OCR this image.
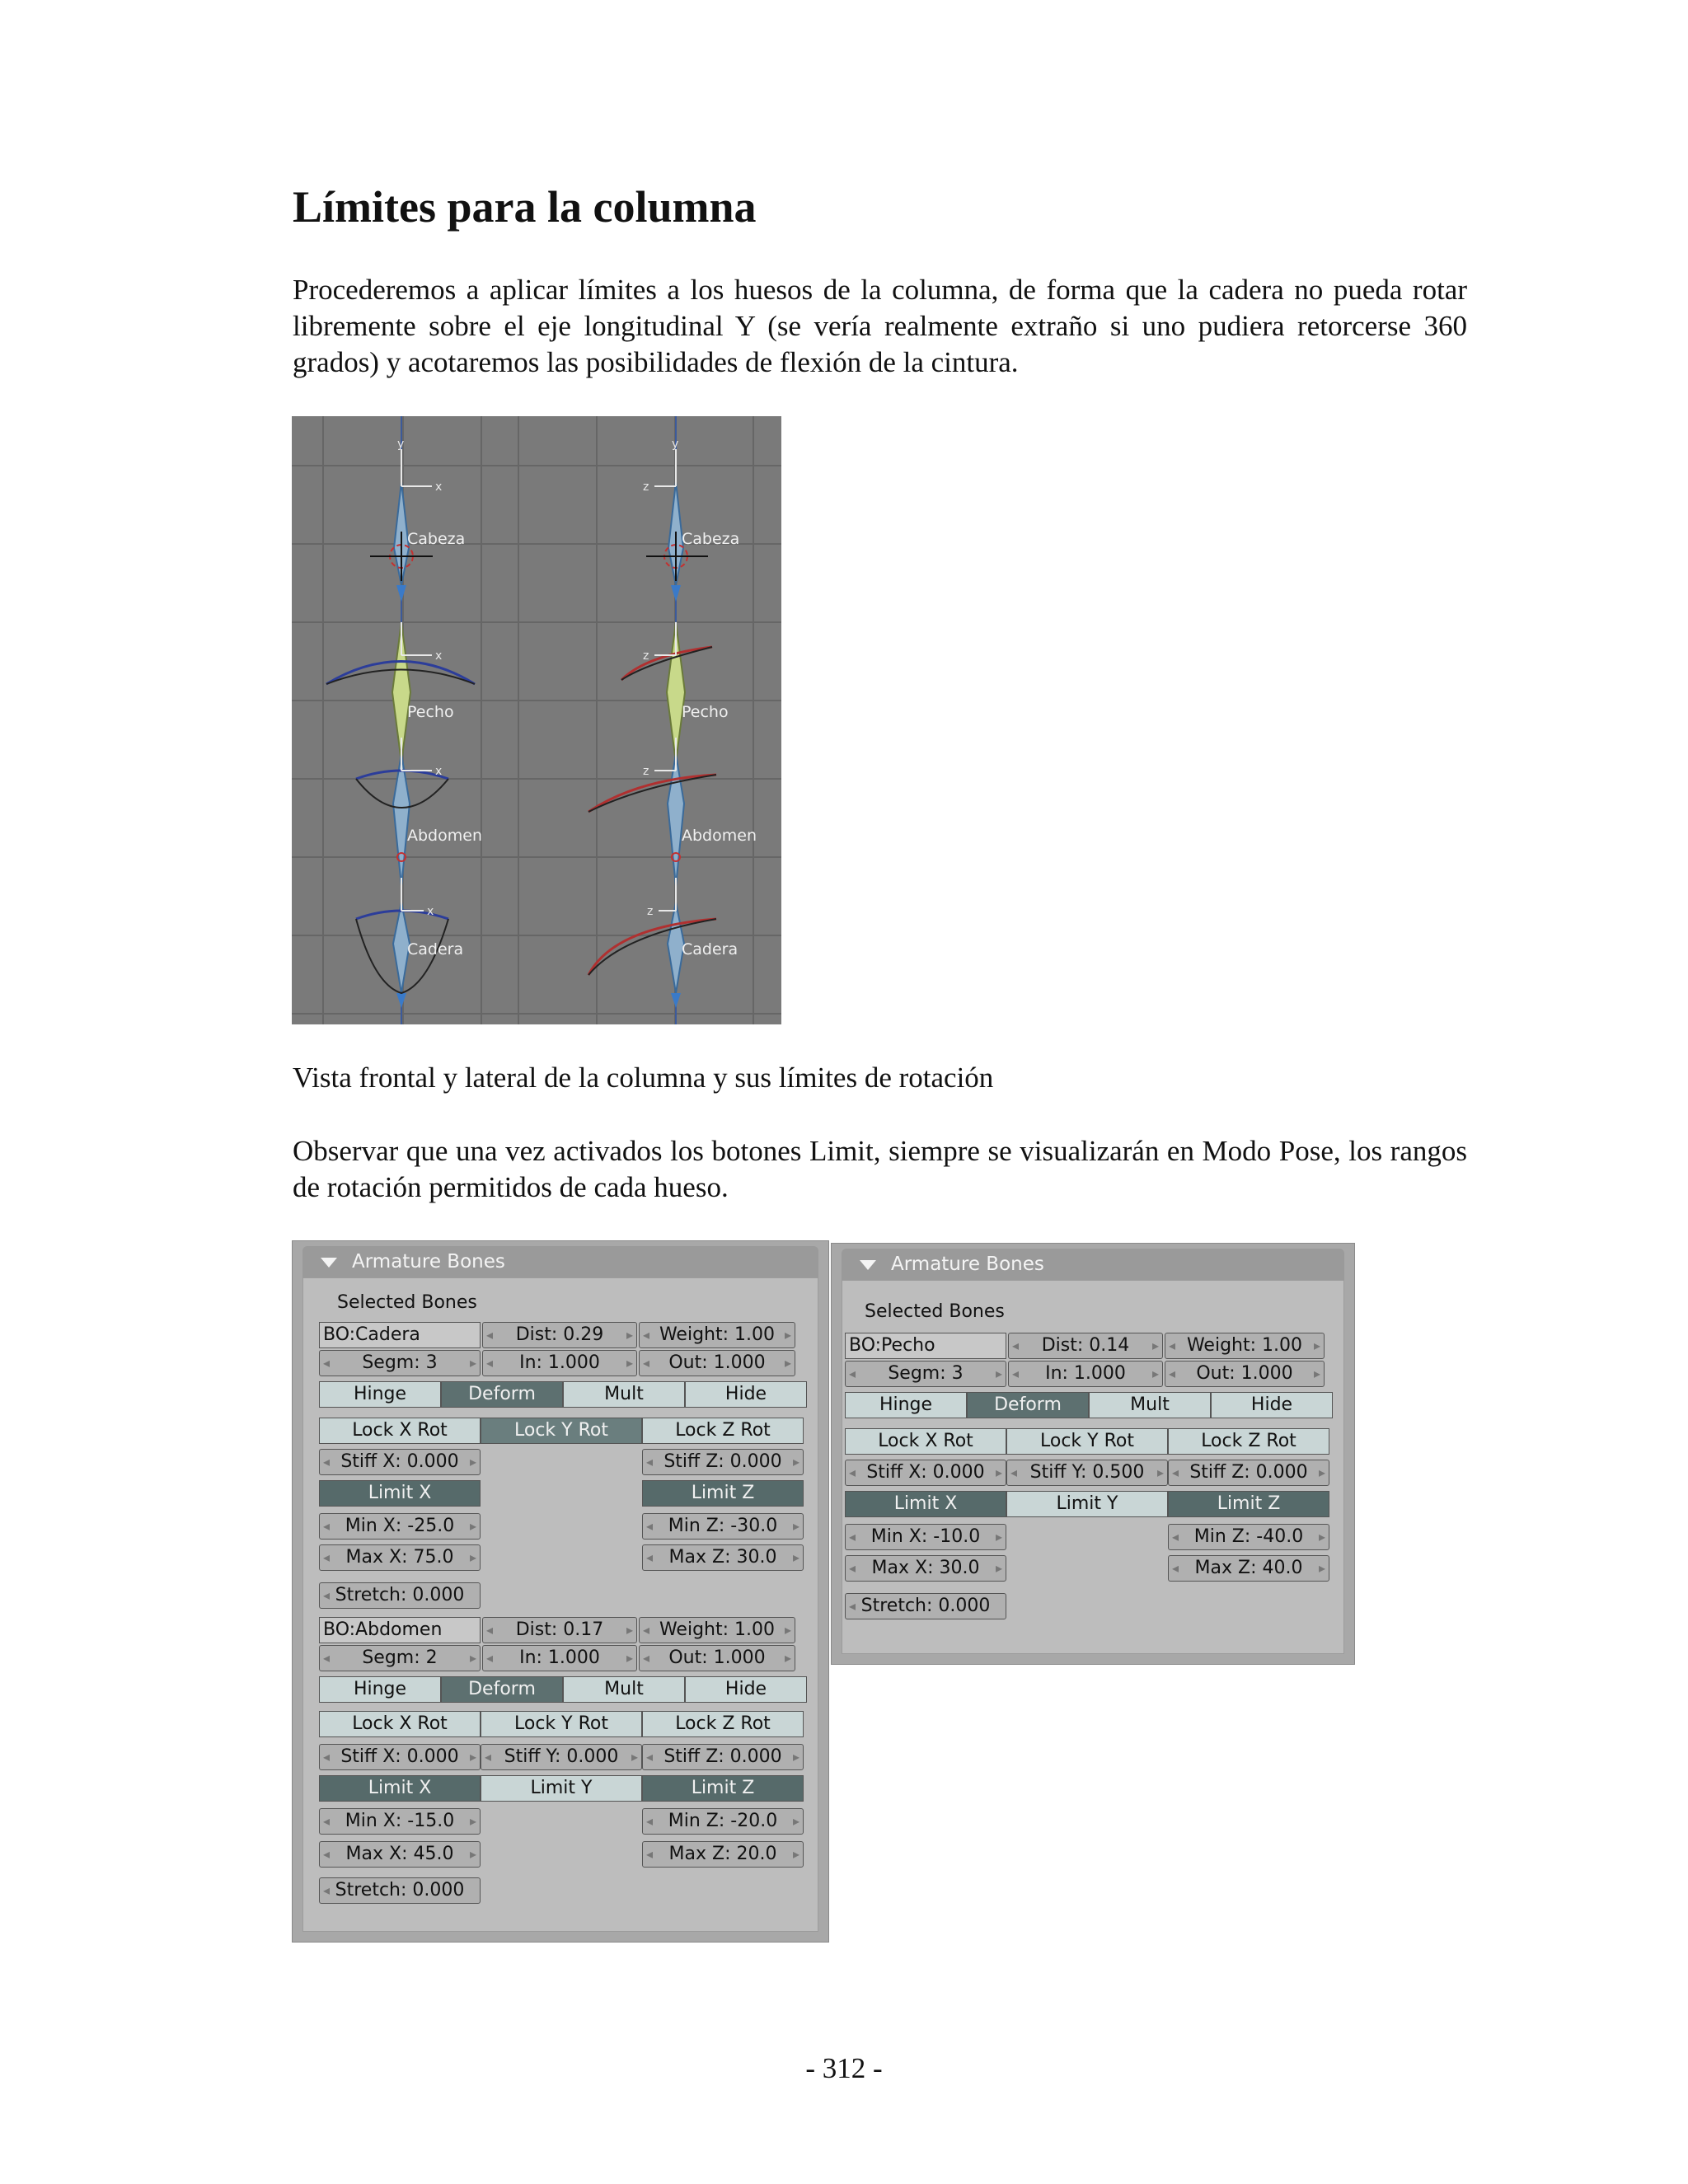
Límites para la columna

Procederemos a aplicar límites a los huesos de la columna, de forma que la cadera no pueda rotar libremente sobre el eje longitudinal Y (se vería realmente extraño si uno pudiera retorcerse 360 grados) y acotaremos las posibilidades de flexión de la cintura.

y
x
x
x
x
Cabeza
Pecho
Abdomen
Cadera
y
z
z
z
z
Cabeza
Pecho
Abdomen
Cadera

Vista frontal y lateral de la columna y sus límites de rotación

Observar que una vez activados los botones Limit, siempre se visualizarán en Modo Pose, los rangos de rotación permitidos de cada hueso.

Armature Bones
Selected Bones
BO:Cadera	◂ Dist: 0.29 ▸ ◂ Weight: 1.00 ▸
◂ Segm: 3 ▸ ◂ In: 1.000 ▸ ◂ Out: 1.000 ▸
Hinge	Deform	Mult	Hide
Lock X Rot	Lock Y Rot	Lock Z Rot
◂ Stiff X: 0.000 ▸	◂ Stiff Z: 0.000 ▸
Limit X	Limit Z
◂ Min X: -25.0 ▸	◂ Min Z: -30.0 ▸
◂ Max X: 75.0 ▸	◂ Max Z: 30.0 ▸
◂ Stretch: 0.000
BO:Abdomen	◂ Dist: 0.17 ▸ ◂ Weight: 1.00 ▸
◂ Segm: 2 ▸ ◂ In: 1.000 ▸ ◂ Out: 1.000 ▸
Hinge	Deform	Mult	Hide
Lock X Rot	Lock Y Rot	Lock Z Rot
◂ Stiff X: 0.000 ▸ ◂ Stiff Y: 0.000 ▸ ◂ Stiff Z: 0.000 ▸
Limit X	Limit Y	Limit Z
◂ Min X: -15.0 ▸	◂ Min Z: -20.0 ▸
◂ Max X: 45.0 ▸	◂ Max Z: 20.0 ▸
◂ Stretch: 0.000
Armature Bones
Selected Bones
BO:Pecho	◂ Dist: 0.14 ▸ ◂ Weight: 1.00 ▸
◂ Segm: 3 ▸ ◂ In: 1.000 ▸ ◂ Out: 1.000 ▸
Hinge	Deform	Mult	Hide
Lock X Rot	Lock Y Rot	Lock Z Rot
◂ Stiff X: 0.000 ▸ ◂ Stiff Y: 0.500 ▸ ◂ Stiff Z: 0.000 ▸
Limit X	Limit Y	Limit Z
◂ Min X: -10.0 ▸	◂ Min Z: -40.0 ▸
◂ Max X: 30.0 ▸	◂ Max Z: 40.0 ▸
◂ Stretch: 0.000
- 312 -
